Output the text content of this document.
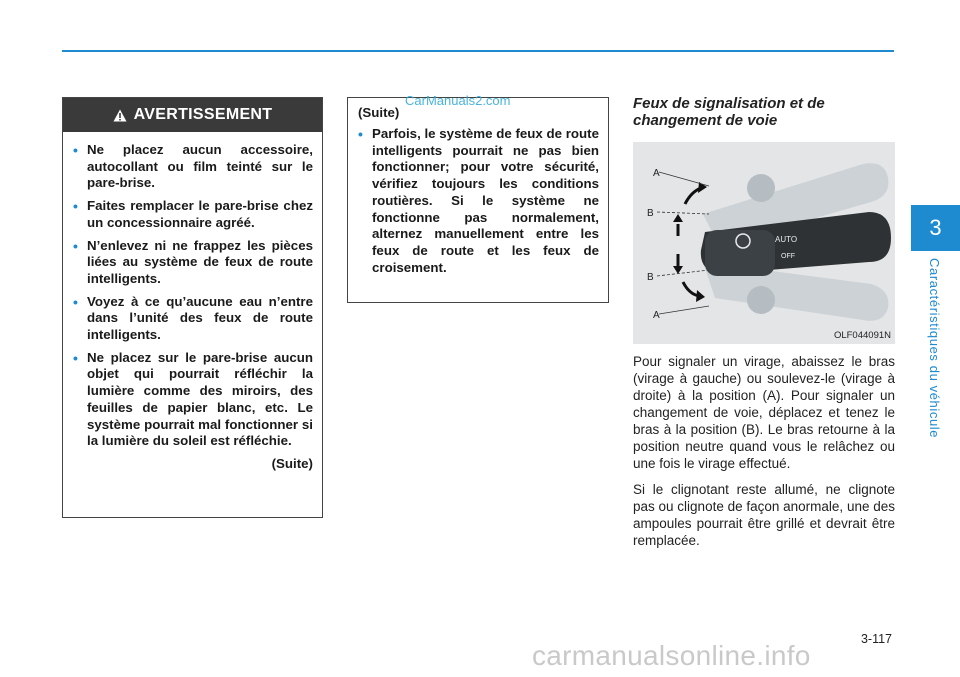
3
Caractéristiques du véhicule
AVERTISSEMENT
• Ne placez aucun accessoire, autocollant ou film teinté sur le pare-brise.
• Faites remplacer le pare-brise chez un concessionnaire agréé.
• N’enlevez ni ne frappez les pièces liées au système de feux de route intelligents.
• Voyez à ce qu’aucune eau n’entre dans l’unité des feux de route intelligents.
• Ne placez sur le pare-brise aucun objet qui pourrait réfléchir la lumière comme des miroirs, des feuilles de papier blanc, etc. Le système pourrait mal fonctionner si la lumière du soleil est réfléchie.
(Suite)
(Suite)
• Parfois, le système de feux de route intelligents pourrait ne pas bien fonctionner; pour votre sécurité, vérifiez toujours les conditions routières. Si le système ne fonctionne pas normalement, alternez manuellement entre les feux de route et les feux de croisement.
CarManuals2.com	Feux de signalisation et de changement de voie
AUTO
OFF
A
B
B
A
OLF044091N

Pour signaler un virage, abaissez le bras (virage à gauche) ou soulevez-le (virage à droite) à la position (A). Pour signaler un changement de voie, déplacez et tenez le bras à la position (B). Le bras retourne à la position neutre quand vous le relâchez ou une fois le virage effectué.

Si le clignotant reste allumé, ne clignote pas ou clignote de façon anormale, une des ampoules pourrait être grillé et devrait être remplacée.

3-117
carmanualsonline.info
